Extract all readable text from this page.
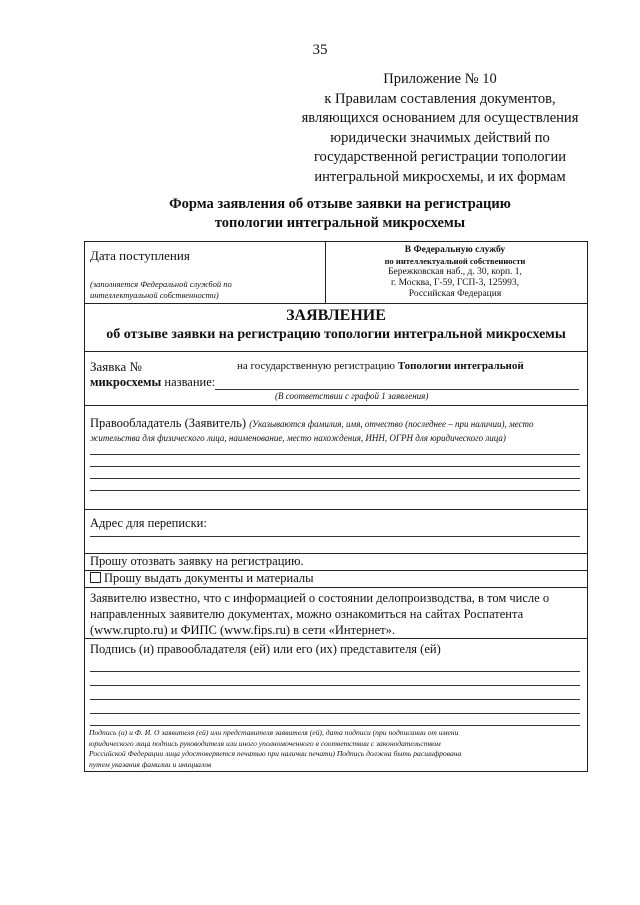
35
Приложение № 10
к Правилам составления документов,
являющихся основанием для осуществления
юридически значимых действий по
государственной регистрации топологии
интегральной микросхемы, и их формам
Форма заявления об отзыве заявки на регистрацию
топологии интегральной микросхемы
Дата поступления
(заполняется Федеральной службой по
интеллектуальной собственности)
В Федеральную службу
по интеллектуальной собственности
Бережковская наб., д. 30, корп. 1,
г. Москва, Г-59, ГСП-3, 125993,
Российская Федерация
ЗАЯВЛЕНИЕ
об отзыве заявки на регистрацию топологии интегральной микросхемы
Заявка №	на государственную регистрацию Топологии интегральной
микросхемы название:
(В соответствии с графой 1 заявления)
Правообладатель (Заявитель) (Указываются фамилия, имя, отчество (последнее – при наличии), место
жительства для физического лица, наименование, место нахождения, ИНН, ОГРН для юридического лица)
Адрес для переписки:
Прошу отозвать заявку на регистрацию.
Прошу выдать документы и материалы
Заявителю известно, что с информацией о состоянии делопроизводства, в том числе о
направленных заявителю документах, можно ознакомиться на сайтах Роспатента
(www.rupto.ru) и ФИПС (www.fips.ru) в сети «Интернет».
Подпись (и) правообладателя (ей) или его (их) представителя (ей)
Подпись (и) и Ф. И. О заявителя (ей) или представителя заявителя (ей), дата подписи (при подписании от имени
юридического лица подпись руководителя или иного уполномоченного в соответствии с законодательством
Российской Федерации лица удостоверяется печатью при наличии печати) Подпись должна быть расшифрована
путем указания фамилии и инициалов
